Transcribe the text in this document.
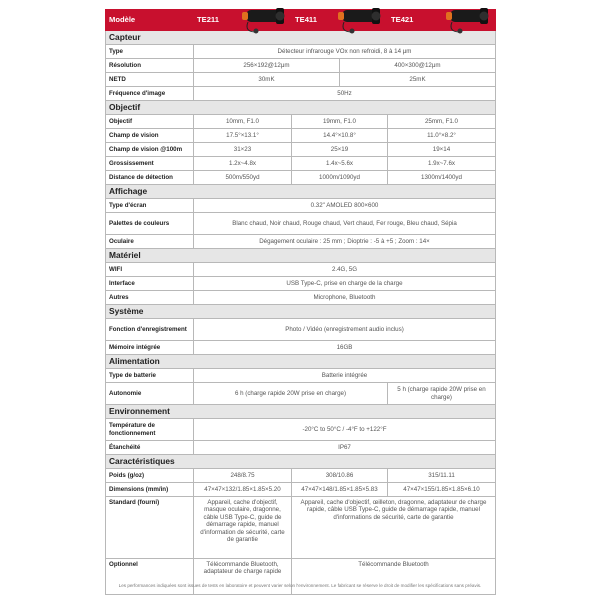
Modèle	TE211	TE411		TE421

Capteur				
Type	Détecteur infrarouge VOx non refroidi, 8 à 14 μm			
Résolution	256×192@12μm		400×300@12μm	
NETD	30mK		25mK	
Fréquence d'image	50Hz			
Objectif				
Objectif	10mm, F1.0	19mm, F1.0		25mm, F1.0
Champ de vision	17.5°×13.1°	14.4°×10.8°		11.0°×8.2°
Champ de vision @100m	31×23	25×19		19×14
Grossissement	1.2x~4.8x	1.4x~5.6x		1.9x~7.6x
Distance de détection	500m/550yd	1000m/1090yd		1300m/1400yd
Affichage				
Type d'écran	0.32" AMOLED 800×600			
Palettes de couleurs	Blanc chaud, Noir chaud, Rouge chaud, Vert chaud, Fer rouge, Bleu chaud, Sépia			
Oculaire	Dégagement oculaire : 25 mm ; Dioptrie : -5 à +5 ; Zoom : 14×			
Matériel				
WIFI	2.4G, 5G			
Interface	USB Type-C, prise en charge de la charge			
Autres	Microphone, Bluetooth			
Système				
Fonction d'enregistrement	Photo / Vidéo (enregistrement audio inclus)			
Mémoire intégrée	16GB			
Alimentation				
Type de batterie	Batterie intégrée			
Autonomie	6 h (charge rapide 20W prise en charge)			5 h (charge rapide 20W prise en charge)
Environnement				
Température de fonctionnement	-20°C to 50°C / -4°F to +122°F			
Étanchéité	IP67			
Caractéristiques				
Poids (g/oz)	248/8.75	308/10.86		315/11.11
Dimensions (mm/in)	47×47×132/1.85×1.85×5.20	47×47×148/1.85×1.85×5.83		47×47×155/1.85×1.85×6.10
Standard (fourni)	Appareil, cache d'objectif, masque oculaire, dragonne, câble USB Type-C, guide de démarrage rapide, manuel d'information de sécurité, carte de garantie	Appareil, cache d'objectif, œilleton, dragonne, adaptateur de charge rapide, câble USB Type-C, guide de démarrage rapide, manuel d'informations de sécurité, carte de garantie		
Optionnel	Télécommande Bluetooth, adaptateur de charge rapide	Télécommande Bluetooth		
Les performances indiquées sont issues de tests en laboratoire et peuvent varier selon l'environnement. Le fabricant se réserve le droit de modifier les spécifications sans préavis.
